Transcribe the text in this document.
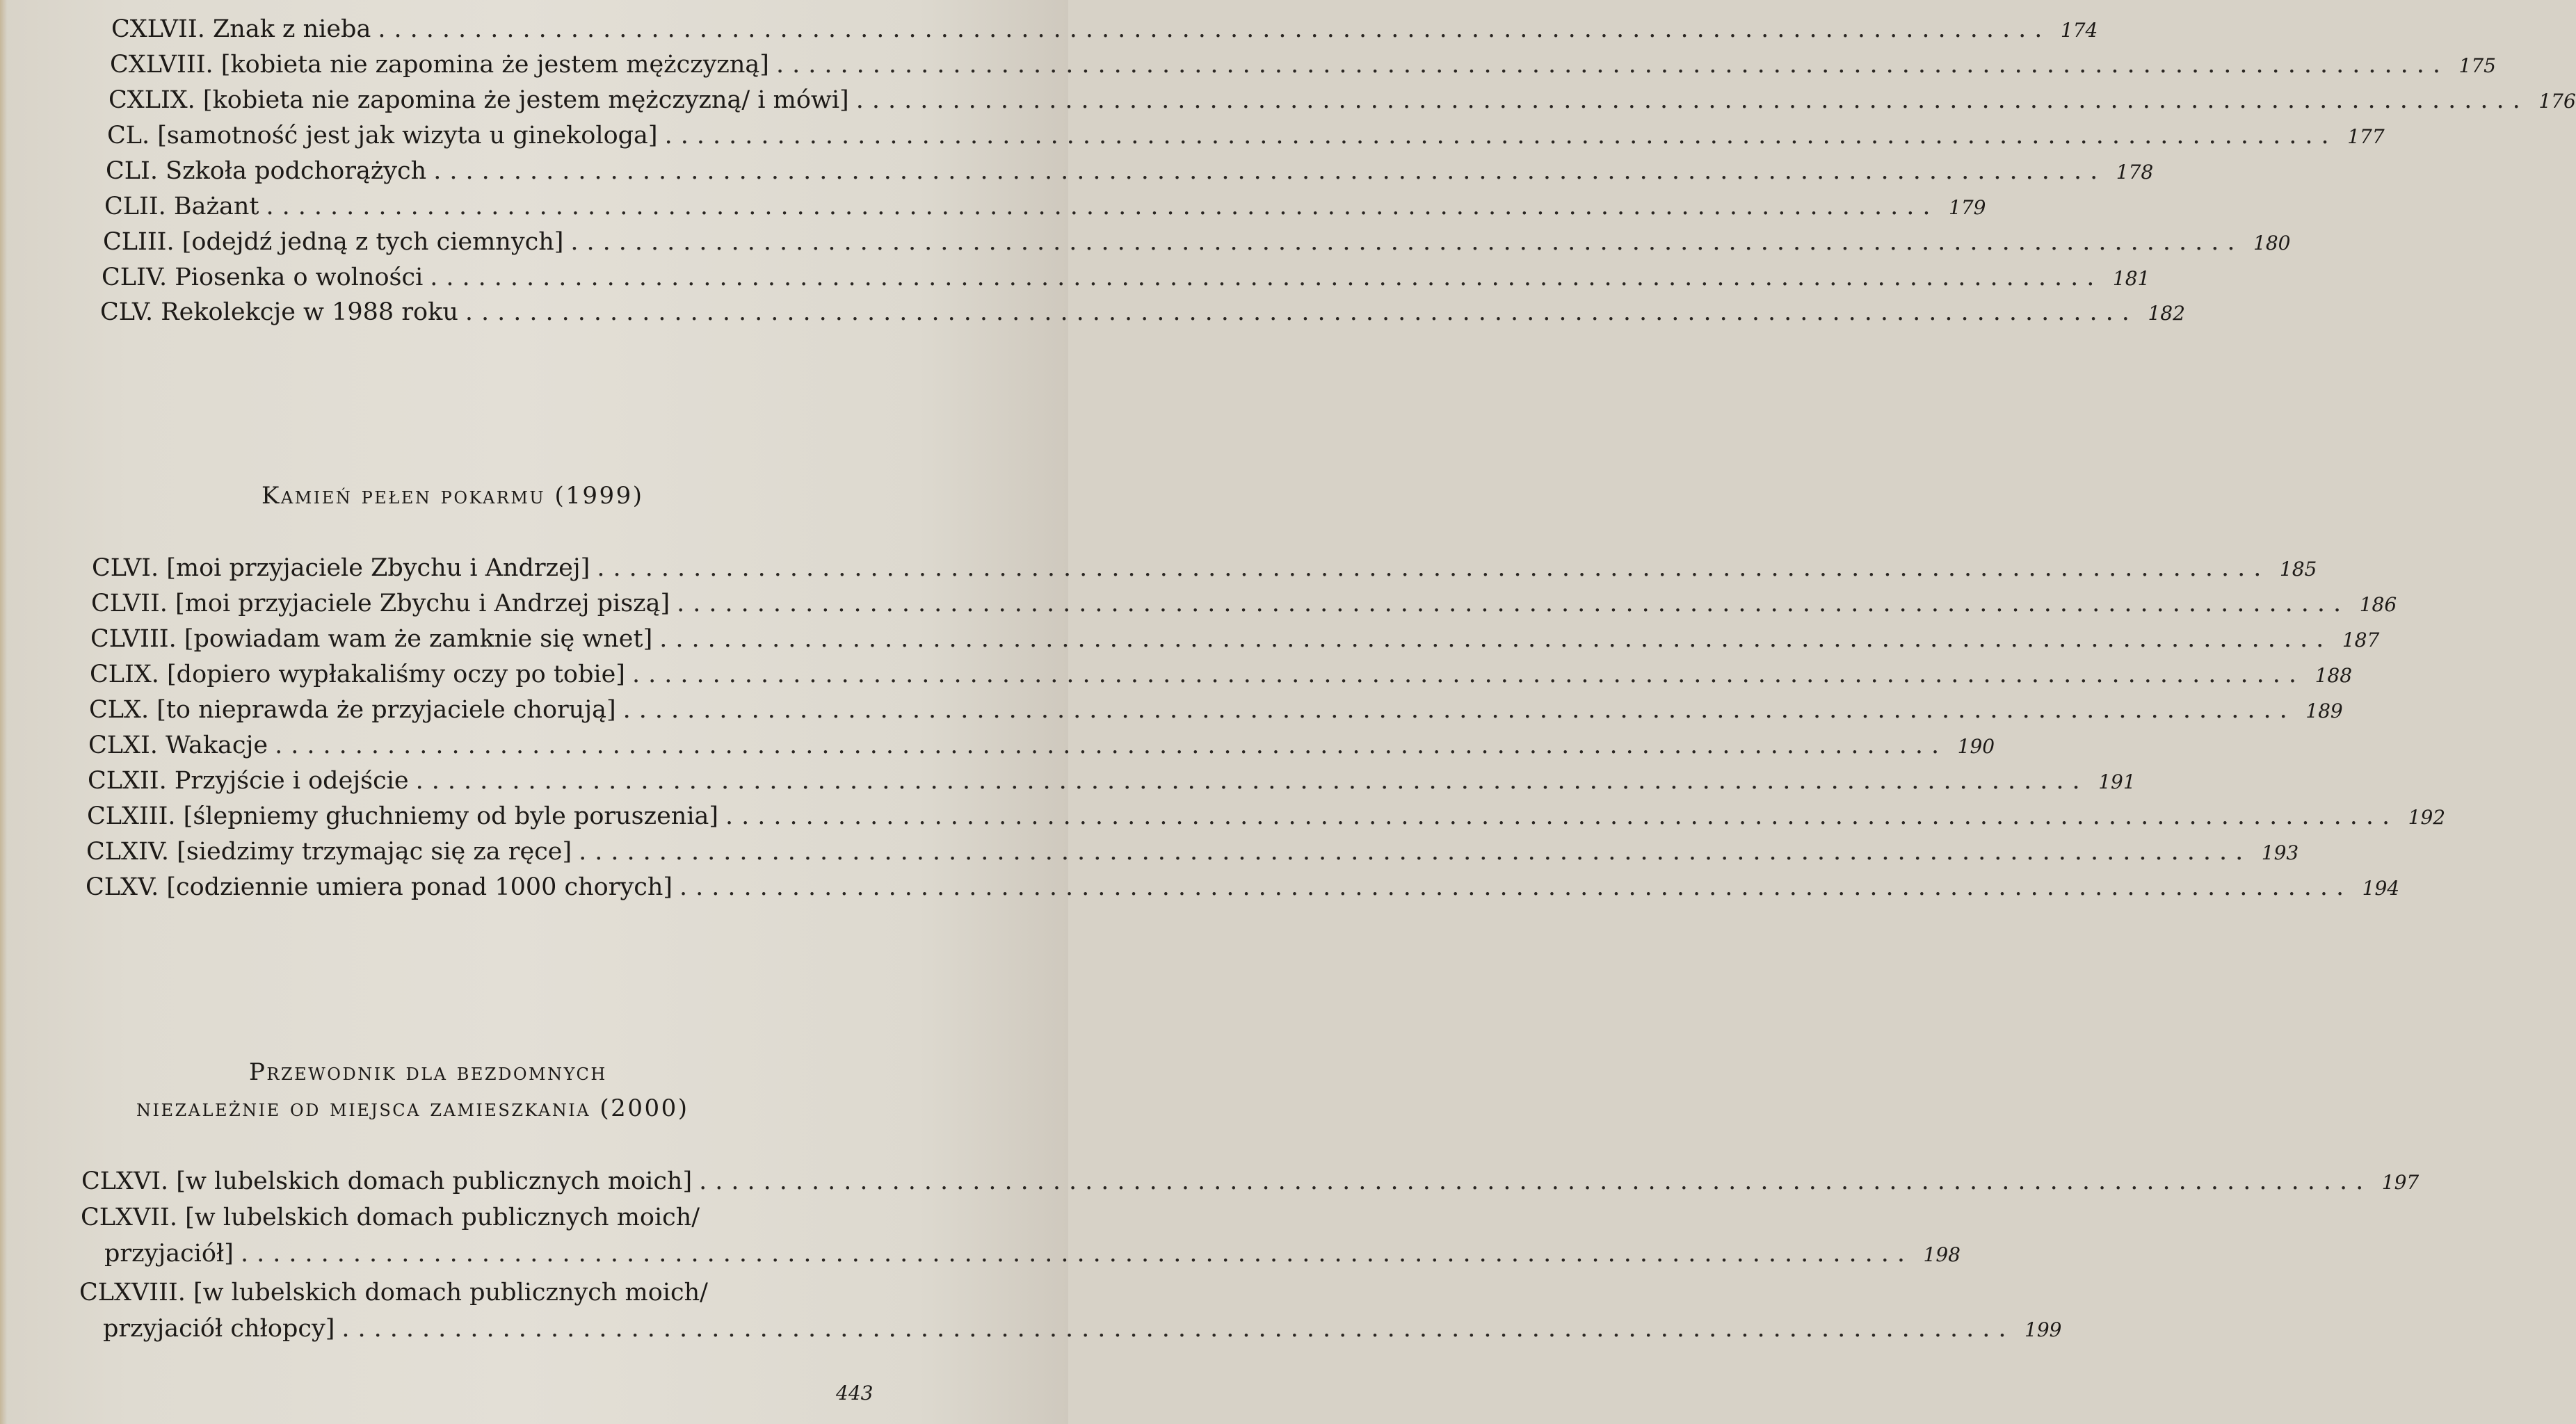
CXLVII. Znak z nieba ........................................................................................................ 174
CXLVIII. [kobieta nie zapomina że jestem mężczyzną] ........................................................................................................ 175
CXLIX. [kobieta nie zapomina że jestem mężczyzną/ i mówi] ........................................................................................................ 176
CL. [samotność jest jak wizyta u ginekologa] ........................................................................................................ 177
CLI. Szkoła podchorążych ........................................................................................................ 178
CLII. Bażant ........................................................................................................ 179
CLIII. [odejdź jedną z tych ciemnych] ........................................................................................................ 180
CLIV. Piosenka o wolności ........................................................................................................ 181
CLV. Rekolekcje w 1988 roku ........................................................................................................ 182
Kamień pełen pokarmu (1999)
CLVI. [moi przyjaciele Zbychu i Andrzej] ........................................................................................................ 185
CLVII. [moi przyjaciele Zbychu i Andrzej piszą] ........................................................................................................ 186
CLVIII. [powiadam wam że zamknie się wnet] ........................................................................................................ 187
CLIX. [dopiero wypłakaliśmy oczy po tobie] ........................................................................................................ 188
CLX. [to nieprawda że przyjaciele chorują] ........................................................................................................ 189
CLXI. Wakacje ........................................................................................................ 190
CLXII. Przyjście i odejście ........................................................................................................ 191
CLXIII. [ślepniemy głuchniemy od byle poruszenia] ........................................................................................................ 192
CLXIV. [siedzimy trzymając się za ręce] ........................................................................................................ 193
CLXV. [codziennie umiera ponad 1000 chorych] ........................................................................................................ 194
Przewodnik dla bezdomnych
niezależnie od miejsca zamieszkania (2000)
CLXVI. [w lubelskich domach publicznych moich] ........................................................................................................ 197
CLXVII. [w lubelskich domach publicznych moich/
przyjaciół] ........................................................................................................ 198
CLXVIII. [w lubelskich domach publicznych moich/
przyjaciół chłopcy] ........................................................................................................ 199
443
